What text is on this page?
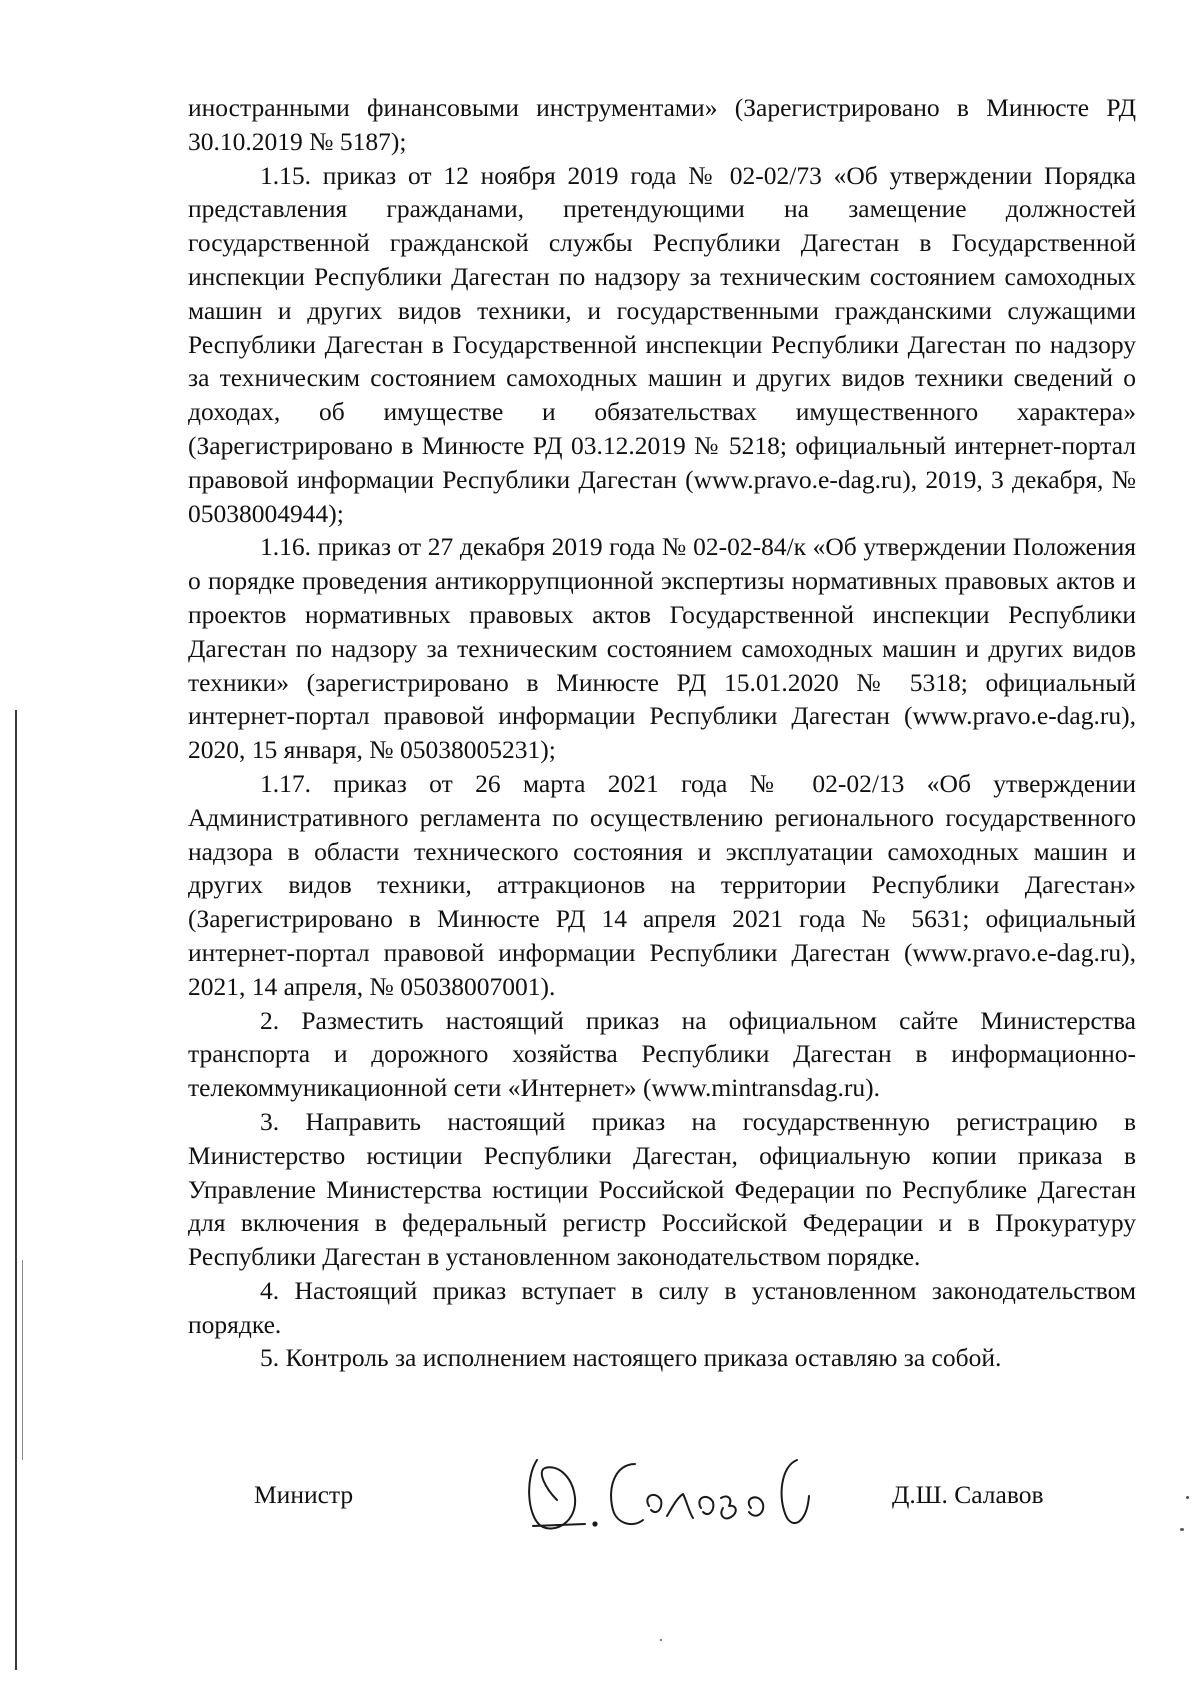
иностранными финансовыми инструментами» (Зарегистрировано в Минюсте РД 30.10.2019 № 5187);

1.15. приказ от 12 ноября 2019 года № 02-02/73 «Об утверждении Порядка представления гражданами, претендующими на замещение должностей государственной гражданской службы Республики Дагестан в Государственной инспекции Республики Дагестан по надзору за техническим состоянием самоходных машин и других видов техники, и государственными гражданскими служащими Республики Дагестан в Государственной инспекции Республики Дагестан по надзору за техническим состоянием самоходных машин и других видов техники сведений о доходах, об имуществе и обязательствах имущественного характера» (Зарегистрировано в Минюсте РД 03.12.2019 № 5218; официальный интернет-портал правовой информации Республики Дагестан (www.pravo.e-dag.ru), 2019, 3 декабря, № 05038004944);

1.16. приказ от 27 декабря 2019 года № 02-02-84/к «Об утверждении Положения о порядке проведения антикоррупционной экспертизы нормативных правовых актов и проектов нормативных правовых актов Государственной инспекции Республики Дагестан по надзору за техническим состоянием самоходных машин и других видов техники» (зарегистрировано в Минюсте РД 15.01.2020 № 5318; официальный интернет-портал правовой информации Республики Дагестан (www.pravo.e-dag.ru), 2020, 15 января, № 05038005231);

1.17. приказ от 26 марта 2021 года № 02-02/13 «Об утверждении Административного регламента по осуществлению регионального государственного надзора в области технического состояния и эксплуатации самоходных машин и других видов техники, аттракционов на территории Республики Дагестан» (Зарегистрировано в Минюсте РД 14 апреля 2021 года № 5631; официальный интернет-портал правовой информации Республики Дагестан (www.pravo.e-dag.ru), 2021, 14 апреля, № 05038007001).

2. Разместить настоящий приказ на официальном сайте Министерства транспорта и дорожного хозяйства Республики Дагестан в информационно-телекоммуникационной сети «Интернет» (www.mintransdag.ru).

3. Направить настоящий приказ на государственную регистрацию в Министерство юстиции Республики Дагестан, официальную копии приказа в Управление Министерства юстиции Российской Федерации по Республике Дагестан для включения в федеральный регистр Российской Федерации и в Прокуратуру Республики Дагестан в установленном законодательством порядке.

4. Настоящий приказ вступает в силу в установленном законодательством порядке.

5. Контроль за исполнением настоящего приказа оставляю за собой.

Министр	Д.Ш. Салавов
